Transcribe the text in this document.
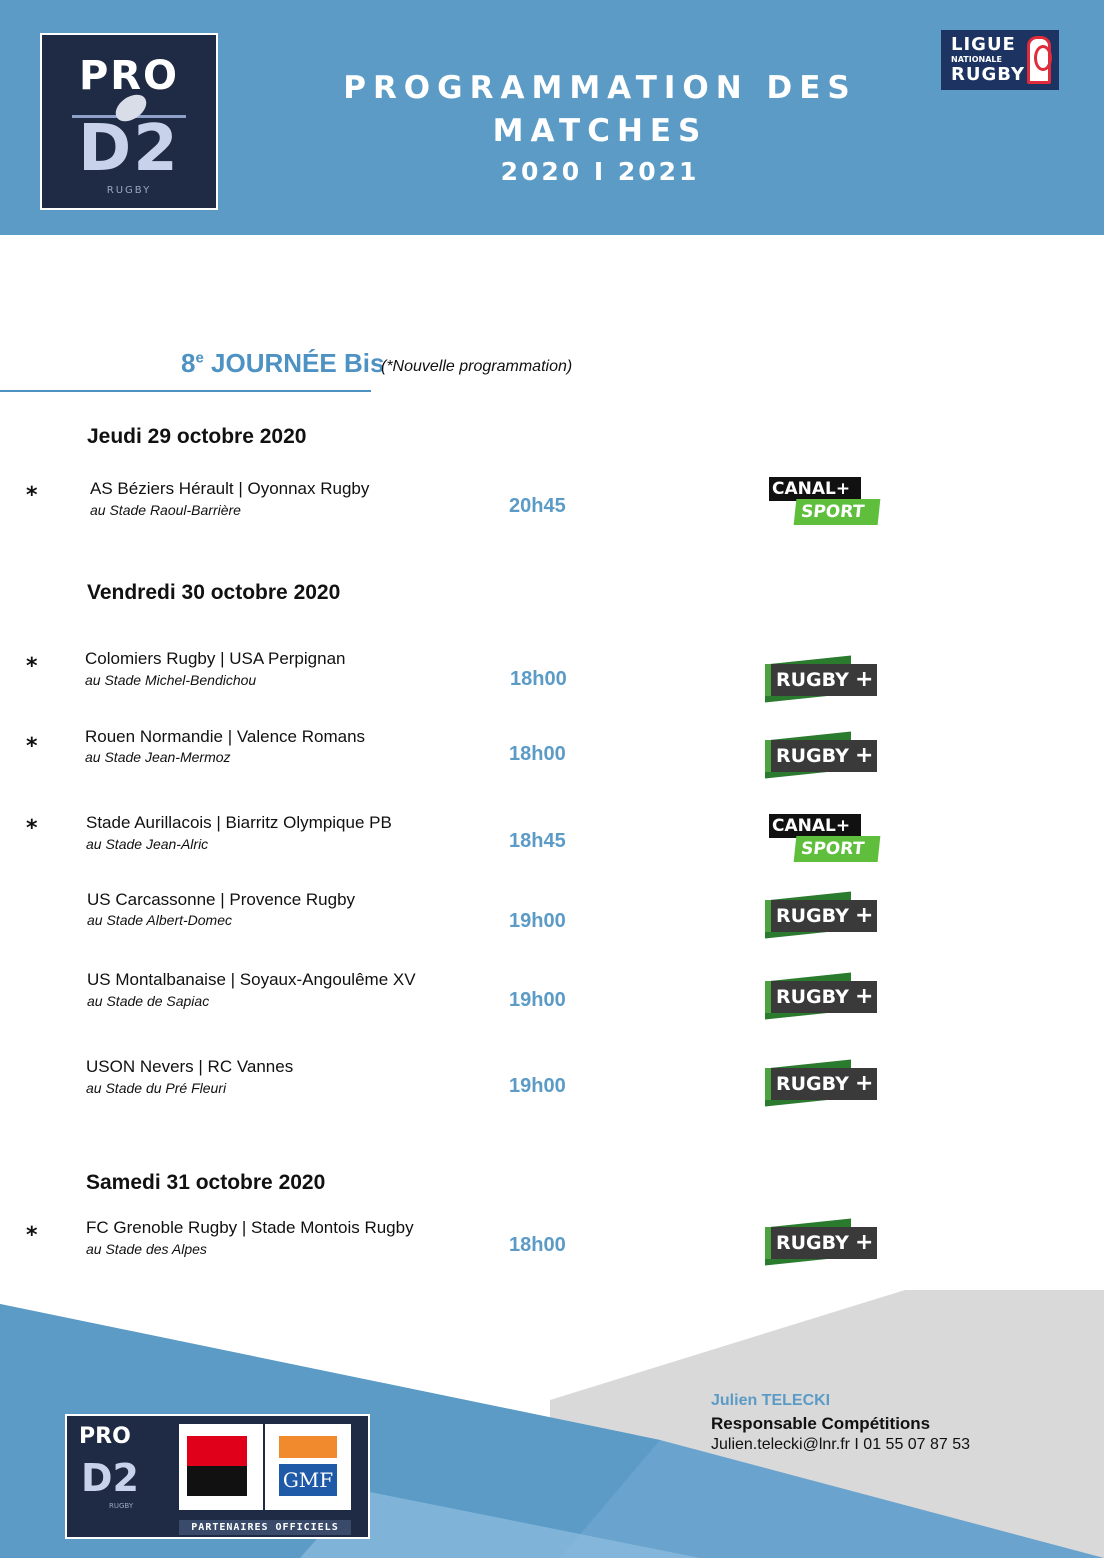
PRO
D2
RUGBY
PROGRAMMATION DES
MATCHES
2020 I 2021
LIGUE
NATIONALE
RUGBY
8e JOURNÉE Bis
(*Nouvelle programmation)
Jeudi 29 octobre 2020
*	AS Béziers Hérault | Oyonnax Rugby
au Stade Raoul-Barrière	20h45
CANAL+
SPORT
Vendredi 30 octobre 2020
*	Colomiers Rugby | USA Perpignan
au Stade Michel-Bendichou	18h00	RUGBY +
*	Rouen Normandie | Valence Romans
au Stade Jean-Mermoz	18h00	RUGBY +
*	Stade Aurillacois | Biarritz Olympique PB
au Stade Jean-Alric	18h45
CANAL+
SPORT
US Carcassonne | Provence Rugby
au Stade Albert-Domec	19h00	RUGBY +
US Montalbanaise | Soyaux-Angoulême XV
au Stade de Sapiac	19h00	RUGBY +
USON Nevers | RC Vannes
au Stade du Pré Fleuri	19h00	RUGBY +
Samedi 31 octobre 2020
*	FC Grenoble Rugby | Stade Montois Rugby
au Stade des Alpes	18h00	RUGBY +
PRO
D2
RUGBY
GMF
PARTENAIRES OFFICIELS
Julien TELECKI
Responsable Compétitions
Julien.telecki@lnr.fr I 01 55 07 87 53
